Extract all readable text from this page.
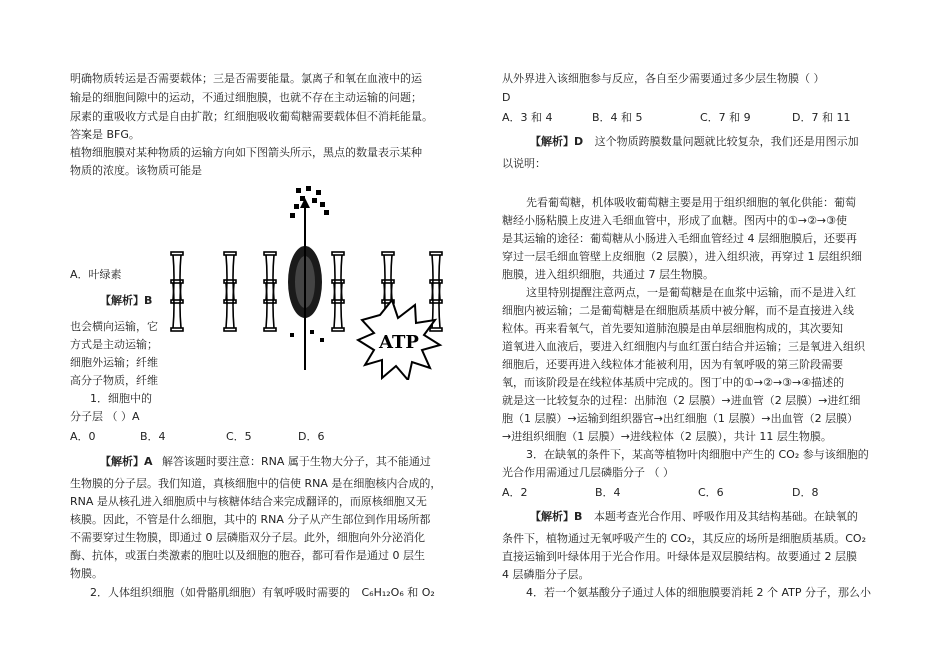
明确物质转运是否需要载体；三是否需要能量。氯离子和氧在血液中的运
输是的细胞间隙中的运动，不通过细胞膜，也就不存在主动运输的问题；
尿素的重吸收方式是自由扩散；红细胞吸收葡萄糖需要载体但不消耗能量。
答案是 BFG。
植物细胞膜对某种物质的运输方向如下图箭头所示，黑点的数量表示某种
物质的浓度。该物质可能是
A．叶绿素
【解析】B
也会横向运输，它
方式是主动运输；
细胞外运输；纤维
高分子物质，纤维
1．细胞中的
分子层 （ ）A
A．0	B．4	C．5	D．6
【解析】A 解答该题时要注意：RNA 属于生物大分子，其不能通过
生物膜的分子层。我们知道，真核细胞中的信使 RNA 是在细胞核内合成的，
RNA 是从核孔进入细胞质中与核糖体结合来完成翻译的，而原核细胞又无
核膜。因此，不管是什么细胞，其中的 RNA 分子从产生部位到作用场所都
不需要穿过生物膜，即通过 0 层磷脂双分子层。此外，细胞向外分泌消化
酶、抗体，或蛋白类激素的胞吐以及细胞的胞吞，都可看作是通过 0 层生
物膜。
2．人体组织细胞（如骨骼肌细胞）有氧呼吸时需要的 C₆H₁₂O₆ 和 O₂
ATP
从外界进入该细胞参与反应，各自至少需要通过多少层生物膜（ ）
D
A．3 和 4	B．4 和 5	C．7 和 9	D．7 和 11
【解析】D 这个物质跨膜数量问题就比较复杂，我们还是用图示加
以说明：
先看葡萄糖，机体吸收葡萄糖主要是用于组织细胞的氧化供能：葡萄
糖经小肠粘膜上皮进入毛细血管中，形成了血糖。图丙中的①→②→③使
是其运输的途径：葡萄糖从小肠进入毛细血管经过 4 层细胞膜后，还要再
穿过一层毛细血管壁上皮细胞（2 层膜），进入组织液，再穿过 1 层组织细
胞膜，进入组织细胞，共通过 7 层生物膜。
这里特别提醒注意两点，一是葡萄糖是在血浆中运输，而不是进入红
细胞内被运输；二是葡萄糖是在细胞质基质中被分解，而不是直接进入线
粒体。再来看氧气，首先要知道肺泡膜是由单层细胞构成的，其次要知
道氧进入血液后，要进入红细胞内与血红蛋白结合并运输；三是氧进入组织
细胞后，还要再进入线粒体才能被利用，因为有氧呼吸的第三阶段需要
氧，而该阶段是在线粒体基质中完成的。图丁中的①→②→③→④描述的
就是这一比较复杂的过程：出肺泡（2 层膜）→进血管（2 层膜）→进红细
胞（1 层膜）→运输到组织器官→出红细胞（1 层膜）→出血管（2 层膜）
→进组织细胞（1 层膜）→进线粒体（2 层膜），共计 11 层生物膜。
3．在缺氧的条件下，某高等植物叶肉细胞中产生的 CO₂ 参与该细胞的
光合作用需通过几层磷脂分子 （ ）
A．2	B．4	C．6	D．8
【解析】B 本题考查光合作用、呼吸作用及其结构基础。在缺氧的
条件下，植物通过无氧呼吸产生的 CO₂，其反应的场所是细胞质基质。CO₂
直接运输到叶绿体用于光合作用。叶绿体是双层膜结构。故要通过 2 层膜
4 层磷脂分子层。
4．若一个氨基酸分子通过人体的细胞膜要消耗 2 个 ATP 分子，那么小
